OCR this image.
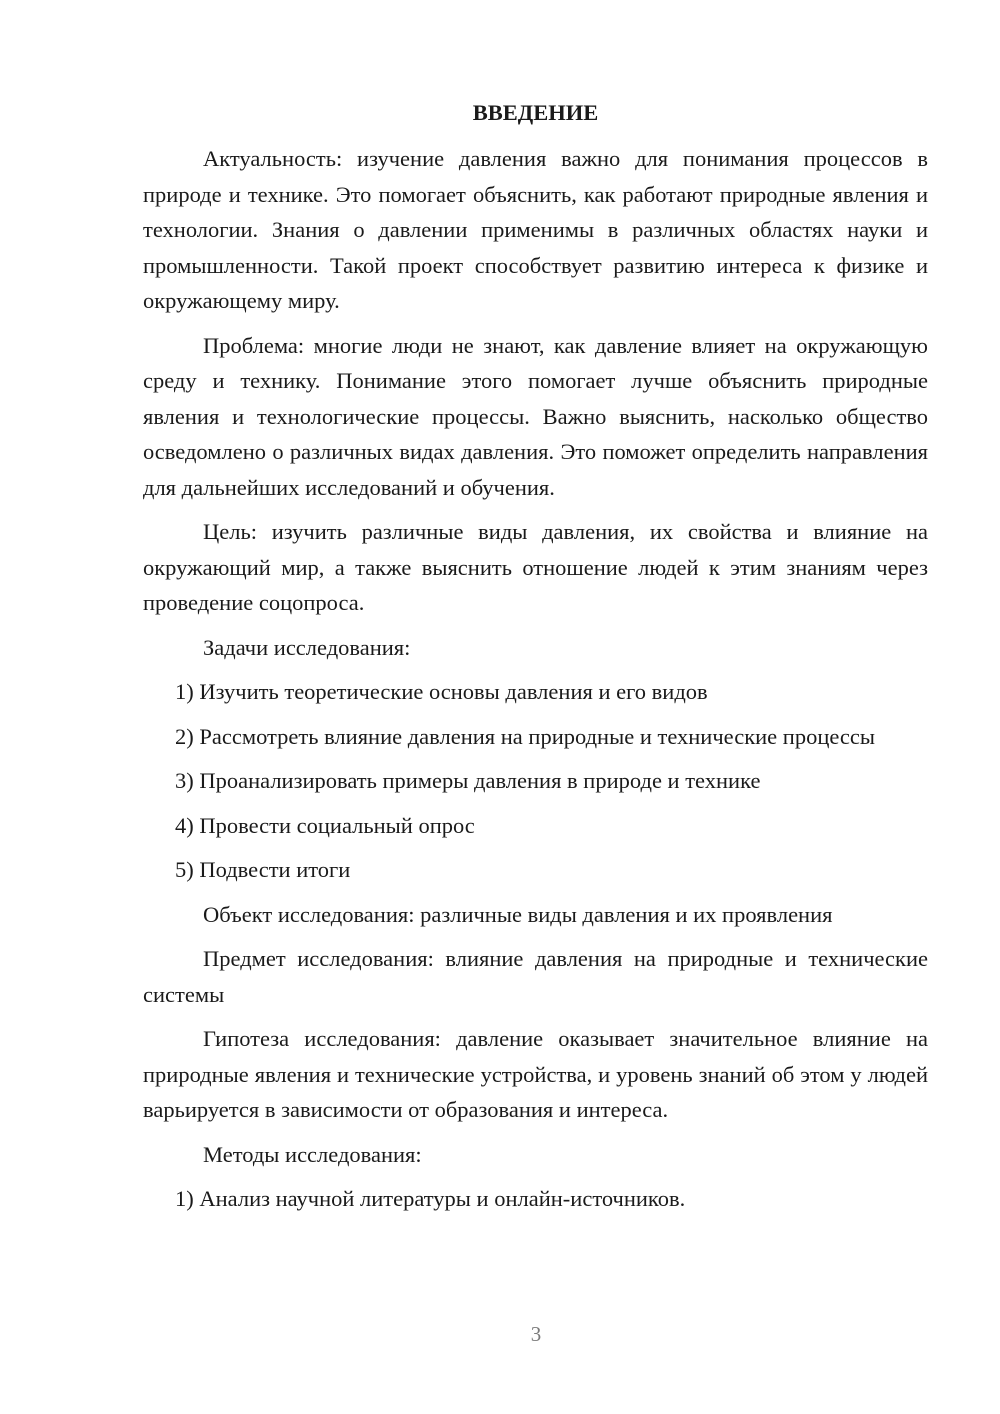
ВВЕДЕНИЕ

Актуальность: изучение давления важно для понимания процессов в природе и технике. Это помогает объяснить, как работают природные явления и технологии. Знания о давлении применимы в различных областях науки и промышленности. Такой проект способствует развитию интереса к физике и окружающему миру.

Проблема: многие люди не знают, как давление влияет на окружающую среду и технику. Понимание этого помогает лучше объяснить природные явления и технологические процессы. Важно выяснить, насколько общество осведомлено о различных видах давления. Это поможет определить направления для дальнейших исследований и обучения.

Цель: изучить различные виды давления, их свойства и влияние на окружающий мир, а также выяснить отношение людей к этим знаниям через проведение соцопроса.

Задачи исследования:

1) Изучить теоретические основы давления и его видов

2) Рассмотреть влияние давления на природные и технические процессы

3) Проанализировать примеры давления в природе и технике

4) Провести социальный опрос

5) Подвести итоги

Объект исследования: различные виды давления и их проявления

Предмет исследования: влияние давления на природные и технические системы

Гипотеза исследования: давление оказывает значительное влияние на природные явления и технические устройства, и уровень знаний об этом у людей варьируется в зависимости от образования и интереса.

Методы исследования:

1) Анализ научной литературы и онлайн-источников.

3
